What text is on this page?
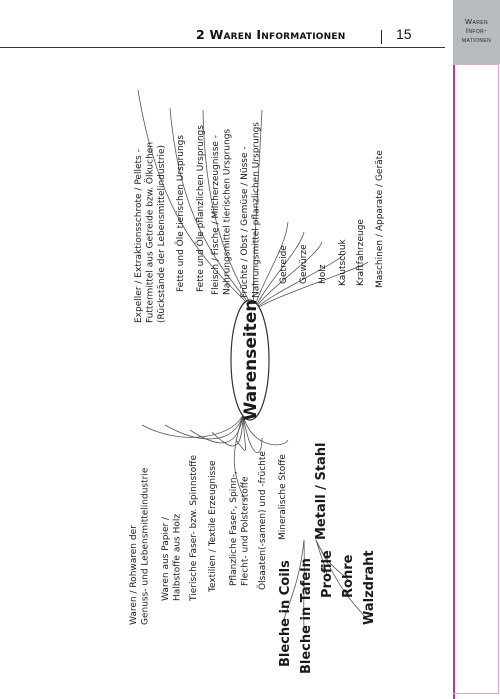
2 Waren Informationen	15
Waren
Infor-
mationen
Warenseiten
Expeller / Extraktionsschrote / Pellets - Futtermittel aus Getreide bzw. Ölkuchen (Rückstände der Lebensmittelindustrie) Fette und Öle tierischen Ursprungs Fette und Öle pflanzlichen Ursprungs Fleisch / Fische / Milcherzeugnisse - Nahrungsmittel tierischen Ursprungs Früchte / Obst / Gemüse / Nüsse - Nahrungsmittel pflanzlichen Ursprungs Getreide Gewürze Holz Kautschuk Kraftfahrzeuge Maschinen / Apparate / Geräte
Waren / Rohwaren der Genuss- und Lebensmittelindustrie Waren aus Papier / Halbstoffe aus Holz Tierische Faser- bzw. Spinnstoffe Textilien / Textile Erzeugnisse Pflanzliche Faser-, Spinn-, Flecht- und Polsterstoffe Ölsaaten(-samen) und -früchte Mineralische Stoffe Metall / Stahl
Bleche in Coils Bleche in Tafeln Profile Rohre Walzdraht
